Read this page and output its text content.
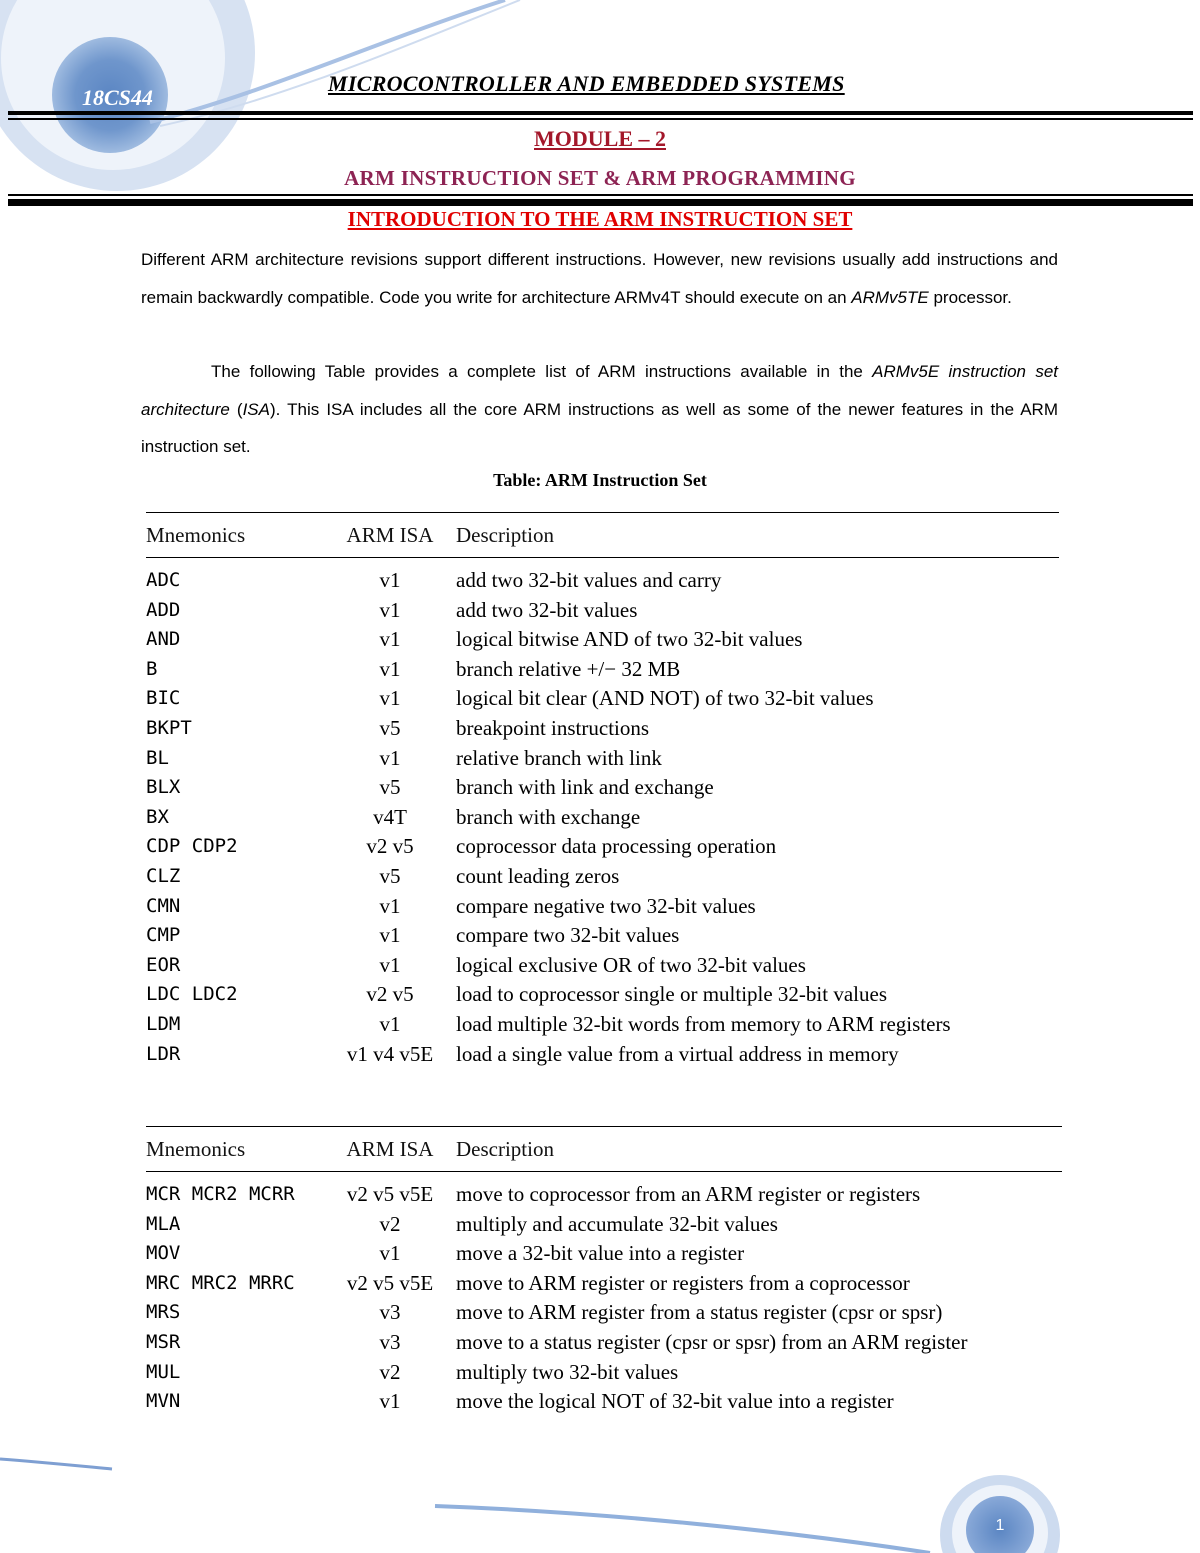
18CS44
MICROCONTROLLER AND EMBEDDED SYSTEMS
MODULE – 2
ARM INSTRUCTION SET & ARM PROGRAMMING
INTRODUCTION TO THE ARM INSTRUCTION SET
Different ARM architecture revisions support different instructions. However, new revisions usually add instructions and remain backwardly compatible. Code you write for architecture ARMv4T should execute on an ARMv5TE processor.
The following Table provides a complete list of ARM instructions available in the ARMv5E instruction set architecture (ISA). This ISA includes all the core ARM instructions as well as some of the newer features in the ARM instruction set.
Table: ARM Instruction Set
Mnemonics	ARM ISA	Description
ADC	v1	add two 32-bit values and carry
ADD	v1	add two 32-bit values
AND	v1	logical bitwise AND of two 32-bit values
B	v1	branch relative +/− 32 MB
BIC	v1	logical bit clear (AND NOT) of two 32-bit values
BKPT	v5	breakpoint instructions
BL	v1	relative branch with link
BLX	v5	branch with link and exchange
BX	v4T	branch with exchange
CDP CDP2	v2 v5	coprocessor data processing operation
CLZ	v5	count leading zeros
CMN	v1	compare negative two 32-bit values
CMP	v1	compare two 32-bit values
EOR	v1	logical exclusive OR of two 32-bit values
LDC LDC2	v2 v5	load to coprocessor single or multiple 32-bit values
LDM	v1	load multiple 32-bit words from memory to ARM registers
LDR	v1 v4 v5E	load a single value from a virtual address in memory
Mnemonics	ARM ISA	Description
MCR MCR2 MCRR	v2 v5 v5E	move to coprocessor from an ARM register or registers
MLA	v2	multiply and accumulate 32-bit values
MOV	v1	move a 32-bit value into a register
MRC MRC2 MRRC	v2 v5 v5E	move to ARM register or registers from a coprocessor
MRS	v3	move to ARM register from a status register (cpsr or spsr)
MSR	v3	move to a status register (cpsr or spsr) from an ARM register
MUL	v2	multiply two 32-bit values
MVN	v1	move the logical NOT of 32-bit value into a register
1
